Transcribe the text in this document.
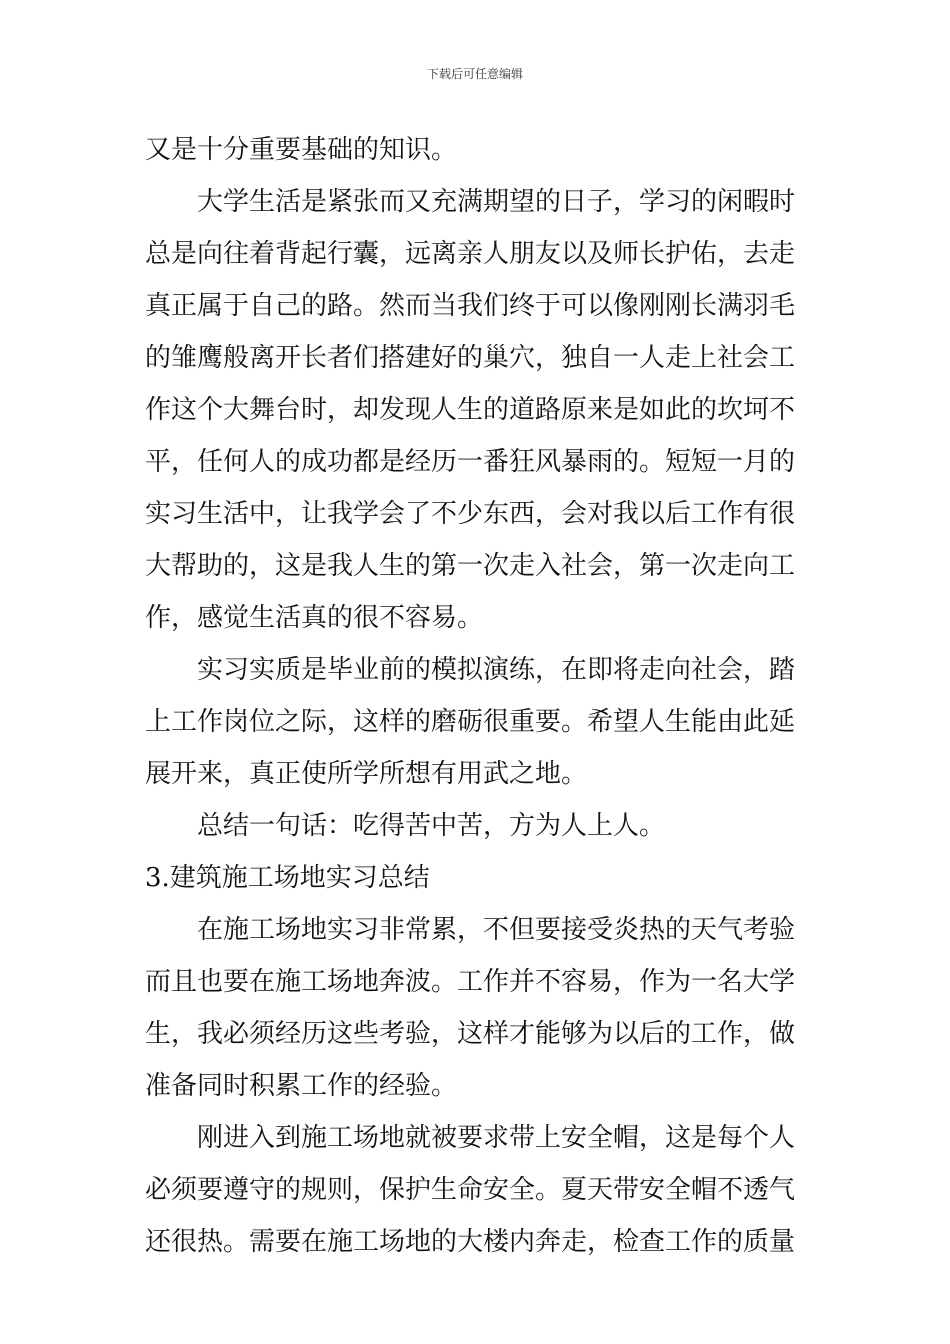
下载后可任意编辑
又是十分重要基础的知识。
大学生活是紧张而又充满期望的日子，学习的闲暇时
总是向往着背起行囊，远离亲人朋友以及师长护佑，去走
真正属于自己的路。然而当我们终于可以像刚刚长满羽毛
的雏鹰般离开长者们搭建好的巢穴，独自一人走上社会工
作这个大舞台时，却发现人生的道路原来是如此的坎坷不
平，任何人的成功都是经历一番狂风暴雨的。短短一月的
实习生活中，让我学会了不少东西，会对我以后工作有很
大帮助的，这是我人生的第一次走入社会，第一次走向工
作，感觉生活真的很不容易。
实习实质是毕业前的模拟演练，在即将走向社会，踏
上工作岗位之际，这样的磨砺很重要。希望人生能由此延
展开来，真正使所学所想有用武之地。
总结一句话：吃得苦中苦，方为人上人。
3.建筑施工场地实习总结
在施工场地实习非常累，不但要接受炎热的天气考验
而且也要在施工场地奔波。工作并不容易，作为一名大学
生，我必须经历这些考验，这样才能够为以后的工作，做
准备同时积累工作的经验。
刚进入到施工场地就被要求带上安全帽，这是每个人
必须要遵守的规则，保护生命安全。夏天带安全帽不透气
还很热。需要在施工场地的大楼内奔走，检查工作的质量
